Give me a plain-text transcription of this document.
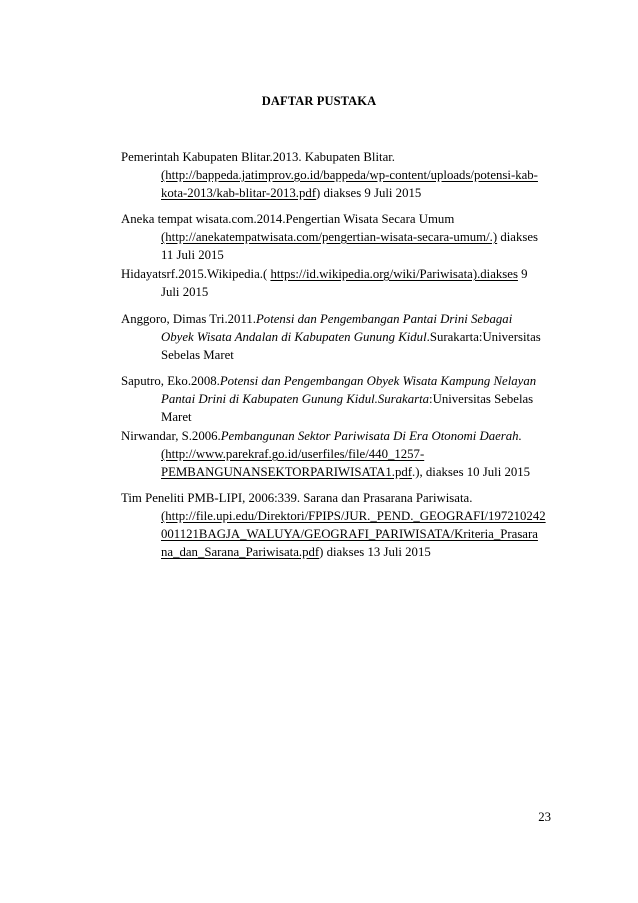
DAFTAR PUSTAKA
Pemerintah Kabupaten Blitar.2013. Kabupaten Blitar.
(http://bappeda.jatimprov.go.id/bappeda/wp-content/uploads/potensi-kab-
kota-2013/kab-blitar-2013.pdf) diakses 9 Juli 2015
Aneka tempat wisata.com.2014.Pengertian Wisata Secara Umum
(http://anekatempatwisata.com/pengertian-wisata-secara-umum/.) diakses
11 Juli 2015
Hidayatsrf.2015.Wikipedia.( https://id.wikipedia.org/wiki/Pariwisata).diakses 9
Juli 2015
Anggoro, Dimas Tri.2011.Potensi dan Pengembangan Pantai Drini Sebagai
Obyek Wisata Andalan di Kabupaten Gunung Kidul.Surakarta:Universitas
Sebelas Maret
Saputro, Eko.2008.Potensi dan Pengembangan Obyek Wisata Kampung Nelayan
Pantai Drini di Kabupaten Gunung Kidul.Surakarta:Universitas Sebelas
Maret
Nirwandar, S.2006.Pembangunan Sektor Pariwisata Di Era Otonomi Daerah.
(http://www.parekraf.go.id/userfiles/file/440_1257-
PEMBANGUNANSEKTORPARIWISATA1.pdf.), diakses 10 Juli 2015
Tim Peneliti PMB-LIPI, 2006:339. Sarana dan Prasarana Pariwisata.
(http://file.upi.edu/Direktori/FPIPS/JUR._PEND._GEOGRAFI/197210242
001121BAGJA_WALUYA/GEOGRAFI_PARIWISATA/Kriteria_Prasara
na_dan_Sarana_Pariwisata.pdf) diakses 13 Juli 2015
23
